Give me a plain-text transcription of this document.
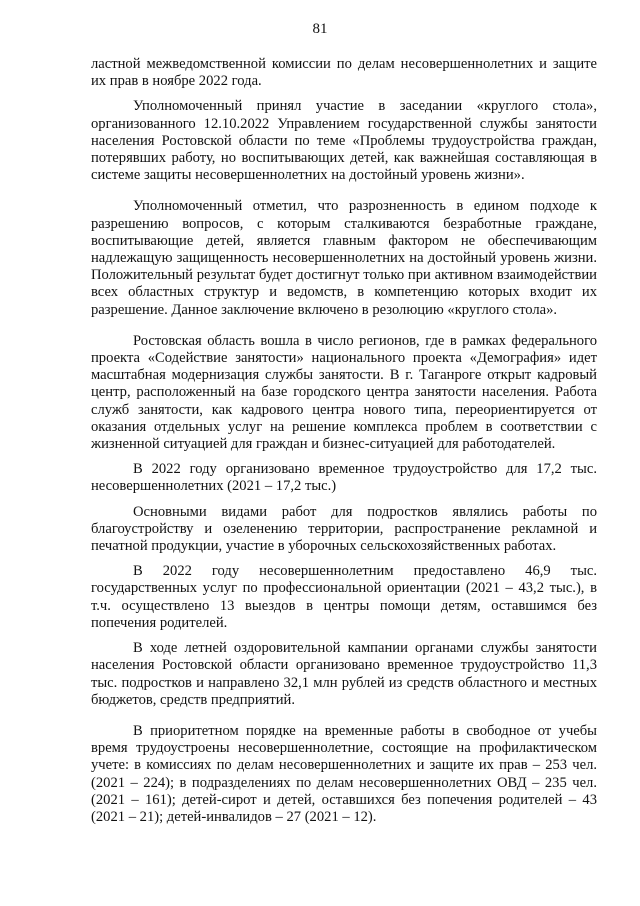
81

ластной межведомственной комиссии по делам несовершеннолетних и защите их прав в ноябре 2022 года.

Уполномоченный принял участие в заседании «круглого стола», организованного 12.10.2022 Управлением государственной службы занятости населения Ростовской области по теме «Проблемы трудоустройства граждан, потерявших работу, но воспитывающих детей, как важнейшая составляющая в системе защиты несовершеннолетних на достойный уровень жизни».

Уполномоченный отметил, что разрозненность в едином подходе к разрешению вопросов, с которым сталкиваются безработные граждане, воспитывающие детей, является главным фактором не обеспечивающим надлежащую защищенность несовершеннолетних на достойный уровень жизни. Положительный результат будет достигнут только при активном взаимодействии всех областных структур и ведомств, в компетенцию которых входит их разрешение. Данное заключение включено в резолюцию «круглого стола».

Ростовская область вошла в число регионов, где в рамках федерального проекта «Содействие занятости» национального проекта «Демография» идет масштабная модернизация службы занятости. В г. Таганроге открыт кадровый центр, расположенный на базе городского центра занятости населения. Работа служб занятости, как кадрового центра нового типа, переориентируется от оказания отдельных услуг на решение комплекса проблем в соответствии с жизненной ситуацией для граждан и бизнес-ситуацией для работодателей.

В 2022 году организовано временное трудоустройство для 17,2 тыс. несовершеннолетних (2021 – 17,2 тыс.)

Основными видами работ для подростков являлись работы по благоустройству и озеленению территории, распространение рекламной и печатной продукции, участие в уборочных сельскохозяйственных работах.

В 2022 году несовершеннолетним предоставлено 46,9 тыс. государственных услуг по профессиональной ориентации (2021 – 43,2 тыс.), в т.ч. осуществлено 13 выездов в центры помощи детям, оставшимся без попечения родителей.

В ходе летней оздоровительной кампании органами службы занятости населения Ростовской области организовано временное трудоустройство 11,3 тыс. подростков и направлено 32,1 млн рублей из средств областного и местных бюджетов, средств предприятий.

В приоритетном порядке на временные работы в свободное от учебы время трудоустроены несовершеннолетние, состоящие на профилактическом учете: в комиссиях по делам несовершеннолетних и защите их прав – 253 чел. (2021 – 224); в подразделениях по делам несовершеннолетних ОВД – 235 чел. (2021 – 161); детей-сирот и детей, оставшихся без попечения родителей – 43 (2021 – 21); детей-инвалидов – 27 (2021 – 12).
